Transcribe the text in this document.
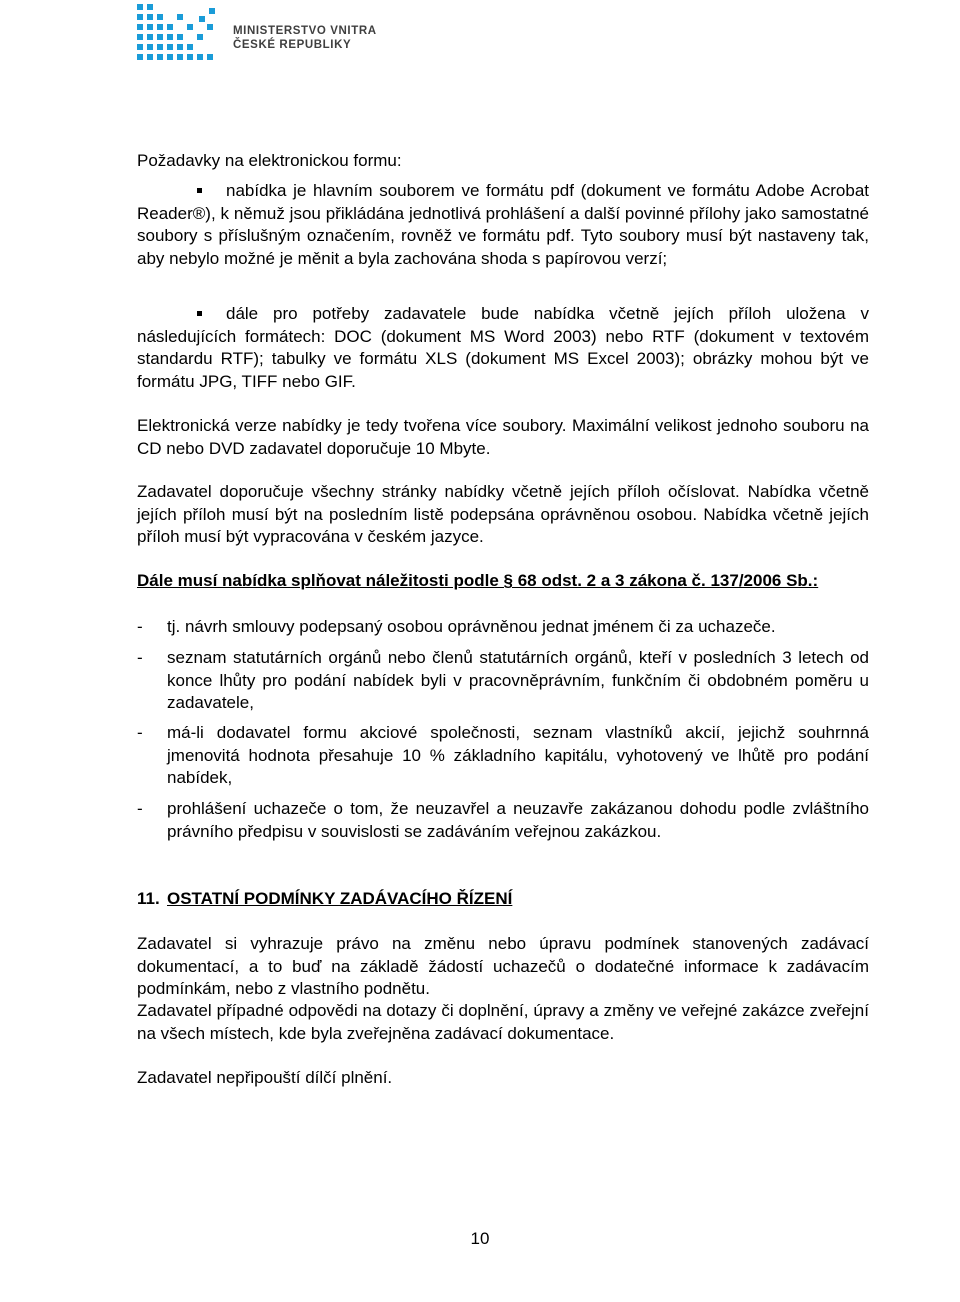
MINISTERSTVO VNITRA
ČESKÉ REPUBLIKY
Požadavky na elektronickou formu:
nabídka je hlavním souborem ve formátu pdf (dokument ve formátu Adobe Acrobat Reader®), k němuž jsou přikládána jednotlivá prohlášení a další povinné přílohy jako samostatné soubory s příslušným označením, rovněž ve formátu pdf. Tyto soubory musí být nastaveny tak, aby nebylo možné je měnit a byla zachována shoda s papírovou verzí;
dále pro potřeby zadavatele bude nabídka včetně jejích příloh uložena v následujících formátech: DOC (dokument MS Word 2003) nebo RTF (dokument v textovém standardu RTF); tabulky ve formátu XLS (dokument MS Excel 2003); obrázky mohou být ve formátu JPG, TIFF nebo GIF.
Elektronická verze nabídky je tedy tvořena více soubory. Maximální velikost jednoho souboru na CD nebo DVD zadavatel doporučuje 10 Mbyte.
Zadavatel doporučuje všechny stránky nabídky včetně jejích příloh očíslovat. Nabídka včetně jejích příloh musí být na posledním listě podepsána oprávněnou osobou. Nabídka včetně jejích příloh musí být vypracována v českém jazyce.
Dále musí nabídka splňovat náležitosti podle § 68 odst. 2 a 3 zákona č. 137/2006 Sb.:
- tj. návrh smlouvy podepsaný osobou oprávněnou jednat jménem či za uchazeče.
- seznam statutárních orgánů nebo členů statutárních orgánů, kteří v posledních 3 letech od konce lhůty pro podání nabídek byli v pracovněprávním, funkčním či obdobném poměru u zadavatele,
- má-li dodavatel formu akciové společnosti, seznam vlastníků akcií, jejichž souhrnná jmenovitá hodnota přesahuje 10 % základního kapitálu, vyhotovený ve lhůtě pro podání nabídek,
- prohlášení uchazeče o tom, že neuzavřel a neuzavře zakázanou dohodu podle zvláštního právního předpisu v souvislosti se zadáváním veřejnou zakázkou.
11. OSTATNÍ PODMÍNKY ZADÁVACÍHO ŘÍZENÍ
Zadavatel si vyhrazuje právo na změnu nebo úpravu podmínek stanovených zadávací dokumentací, a to buď na základě žádostí uchazečů o dodatečné informace k zadávacím podmínkám, nebo z vlastního podnětu.
Zadavatel případné odpovědi na dotazy či doplnění, úpravy a změny ve veřejné zakázce zveřejní na všech místech, kde byla zveřejněna zadávací dokumentace.
Zadavatel nepřipouští dílčí plnění.
10
